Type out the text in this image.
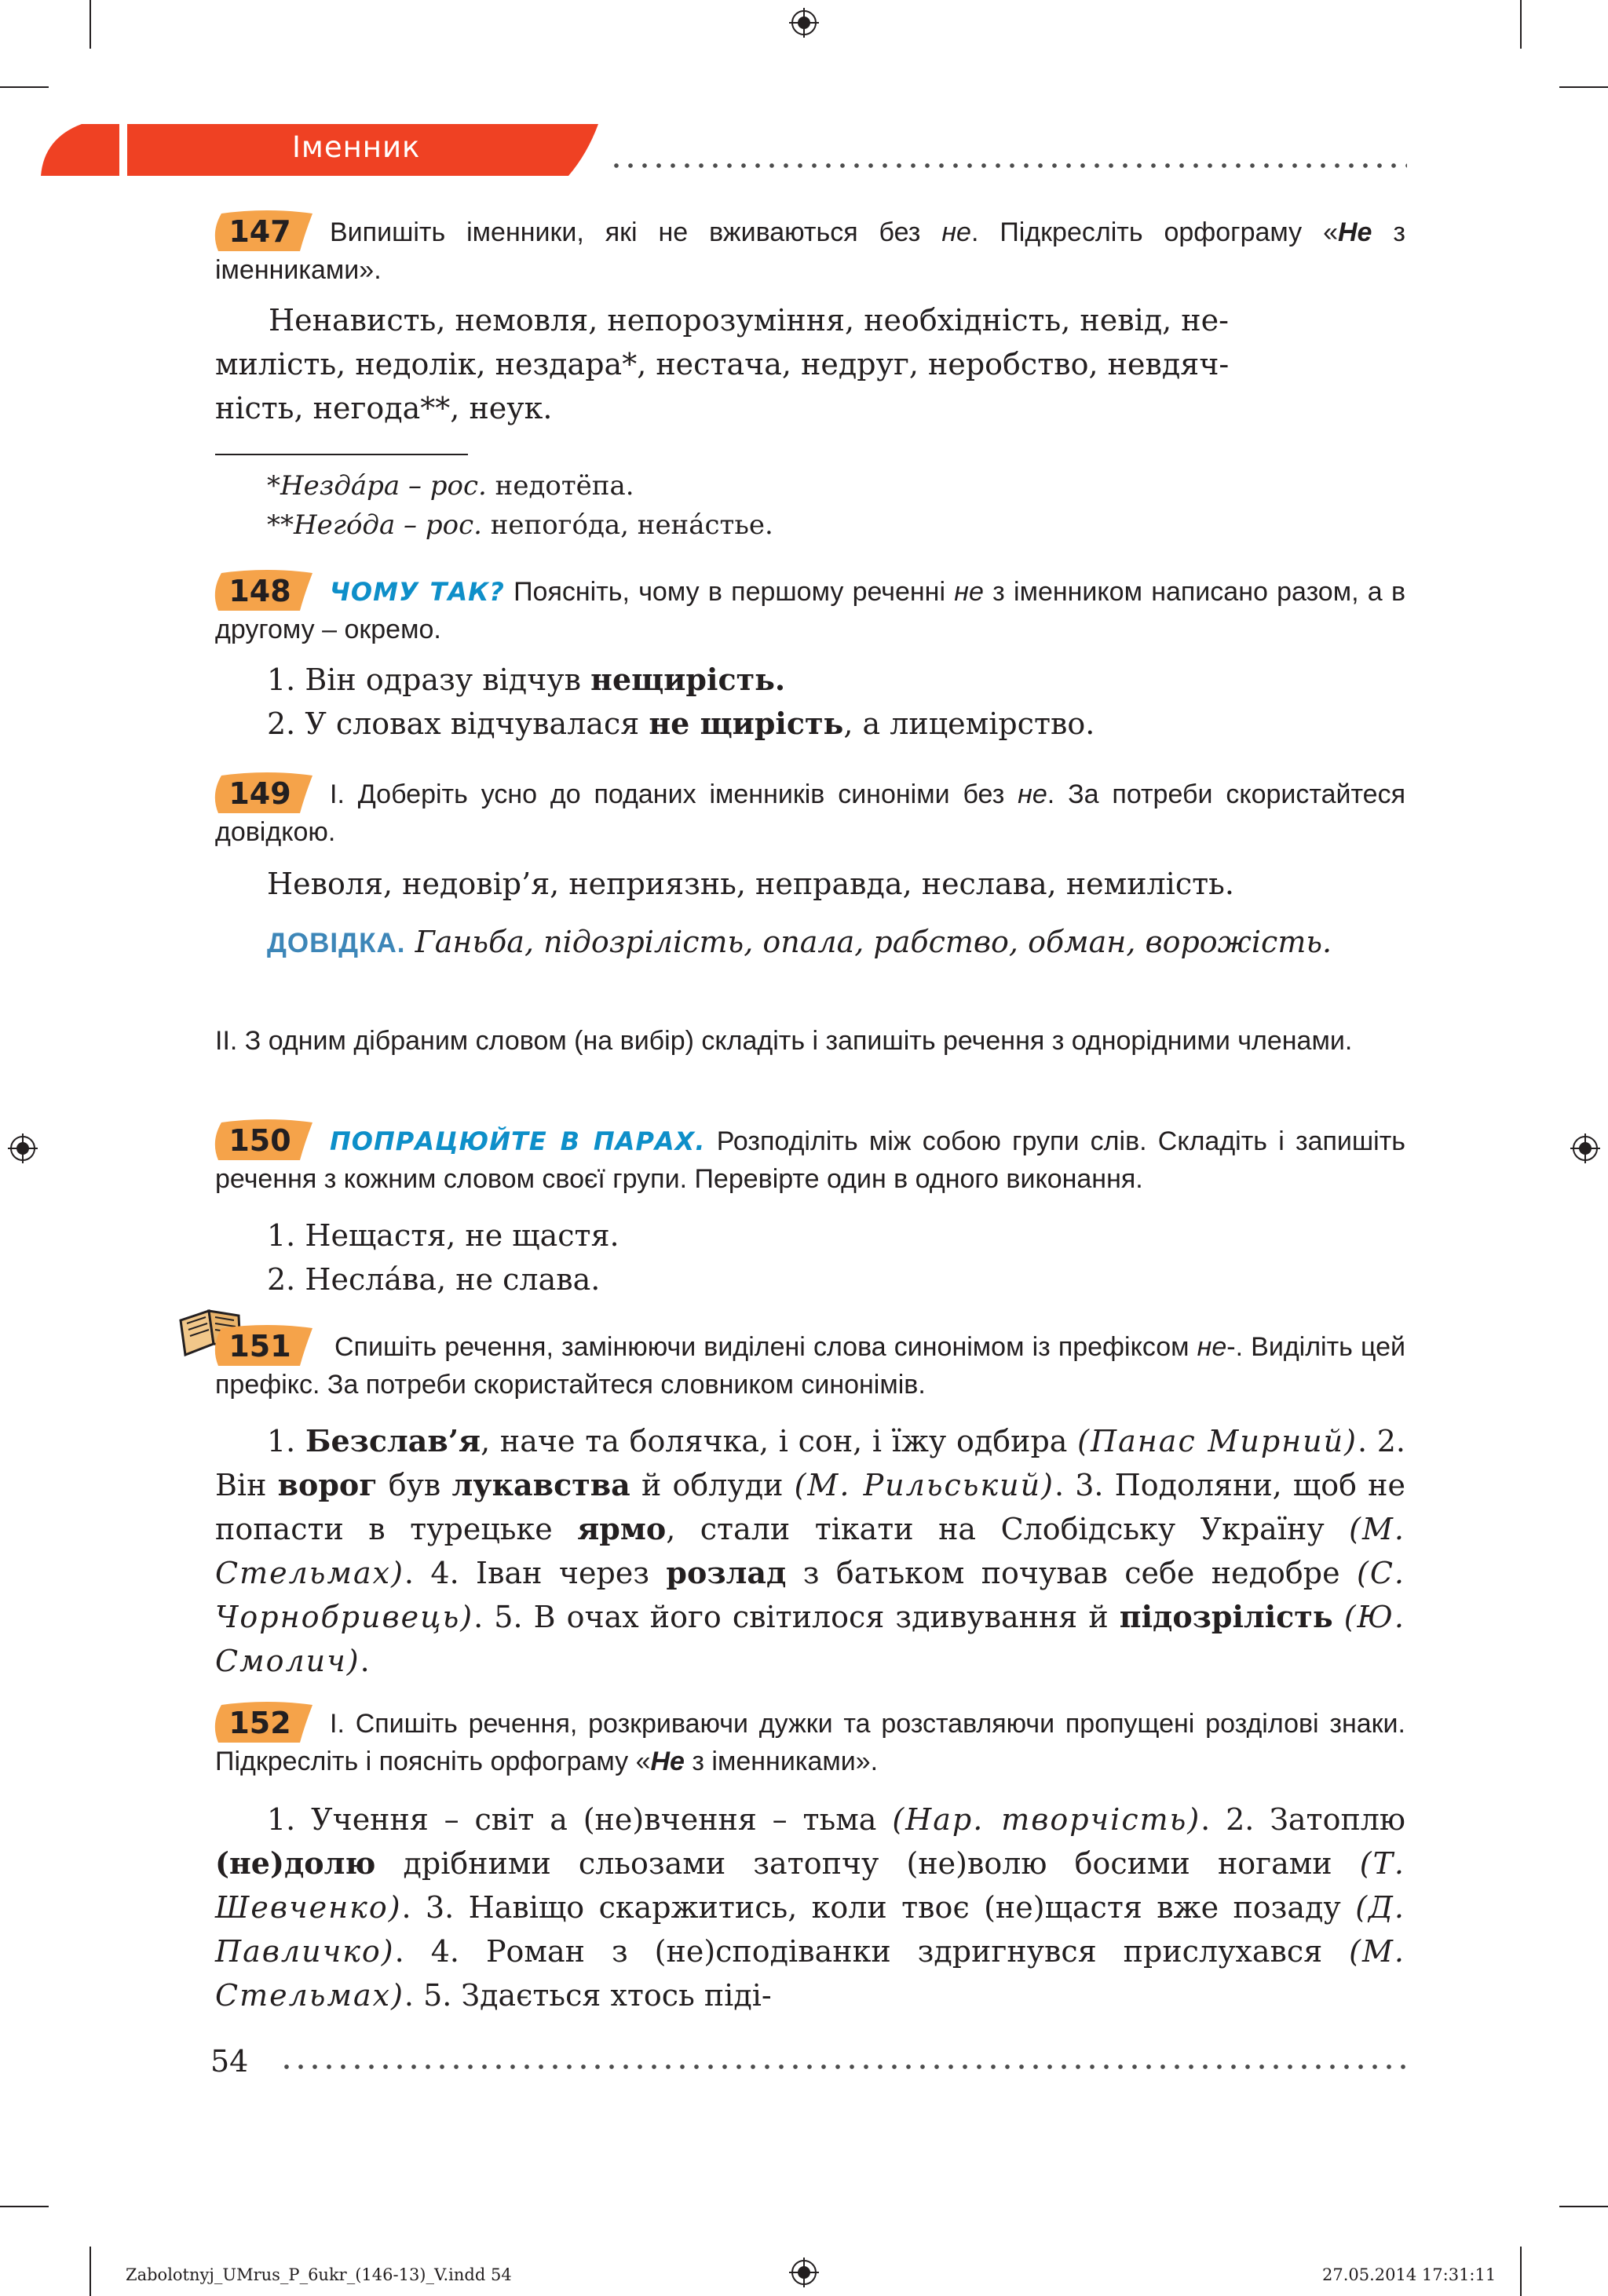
Іменник
147	Випишіть іменники, які не вживаються без не. Підкресліть орфограму «Не з іменниками».
Ненависть, немовля, непорозуміння, необхідність, невід, не-
милість, недолік, нездара*, нестача, недруг, неробство, невдяч-
ність, негода**, неук.
*Нездáра – рос. недотёпа.
**Негóда – рос. непогóда, ненáстье.
148	ЧОМУ ТАК? Поясніть, чому в першому реченні не з іменником написано разом, а в другому – окремо.
1. Він одразу відчув нещирість.
2. У словах відчувалася не щирість, а лицемірство.
149	І. Доберіть усно до поданих іменників синоніми без не. За потреби скористайтеся довідкою.
Неволя, недовір’я, неприязнь, неправда, неслава, немилість.
ДОВІДКА. Ганьба, підозрілість, опала, рабство, обман, ворожість.
II. З одним дібраним словом (на вибір) складіть і запишіть речення з однорідними членами.
150	ПОПРАЦЮЙТЕ В ПАРАХ. Розподіліть між собою групи слів. Складіть і запишіть речення з кожним словом своєї групи. Перевірте один в одного виконання.
1. Нещастя, не щастя.
2. Неслáва, не слава.
151	Спишіть речення, замінюючи виділені слова синонімом із префіксом не-. Виділіть цей префікс. За потреби скористайтеся словником синонімів.
1. Безслав’я, наче та болячка, і сон, і їжу одбира (Панас Мирний). 2. Він ворог був лукавства й облуди (М. Рильський). 3. Подоляни, щоб не попасти в турецьке ярмо, стали тікати на Слобідську Україну (М. Стельмах). 4. Іван через розлад з батьком почував себе недобре (С. Чорнобривець). 5. В очах його світилося здивування й підозрілість (Ю. Смолич).
152	І. Спишіть речення, розкриваючи дужки та розставляючи пропущені розділові знаки. Підкресліть і поясніть орфограму «Не з іменниками».
1. Учення – світ а (не)вчення – тьма (Нар. творчість). 2. Затоплю (не)долю дрібними сльозами затопчу (не)волю босими ногами (Т. Шевченко). 3. Навіщо скаржитись, коли твоє (не)щастя вже позаду (Д. Павличко). 4. Роман з (не)сподіванки здригнувся прислухався (М. Стельмах). 5. Здається хтось піді-
54
Zabolotnyj_UMrus_P_6ukr_(146-13)_V.indd 54	27.05.2014 17:31:11
